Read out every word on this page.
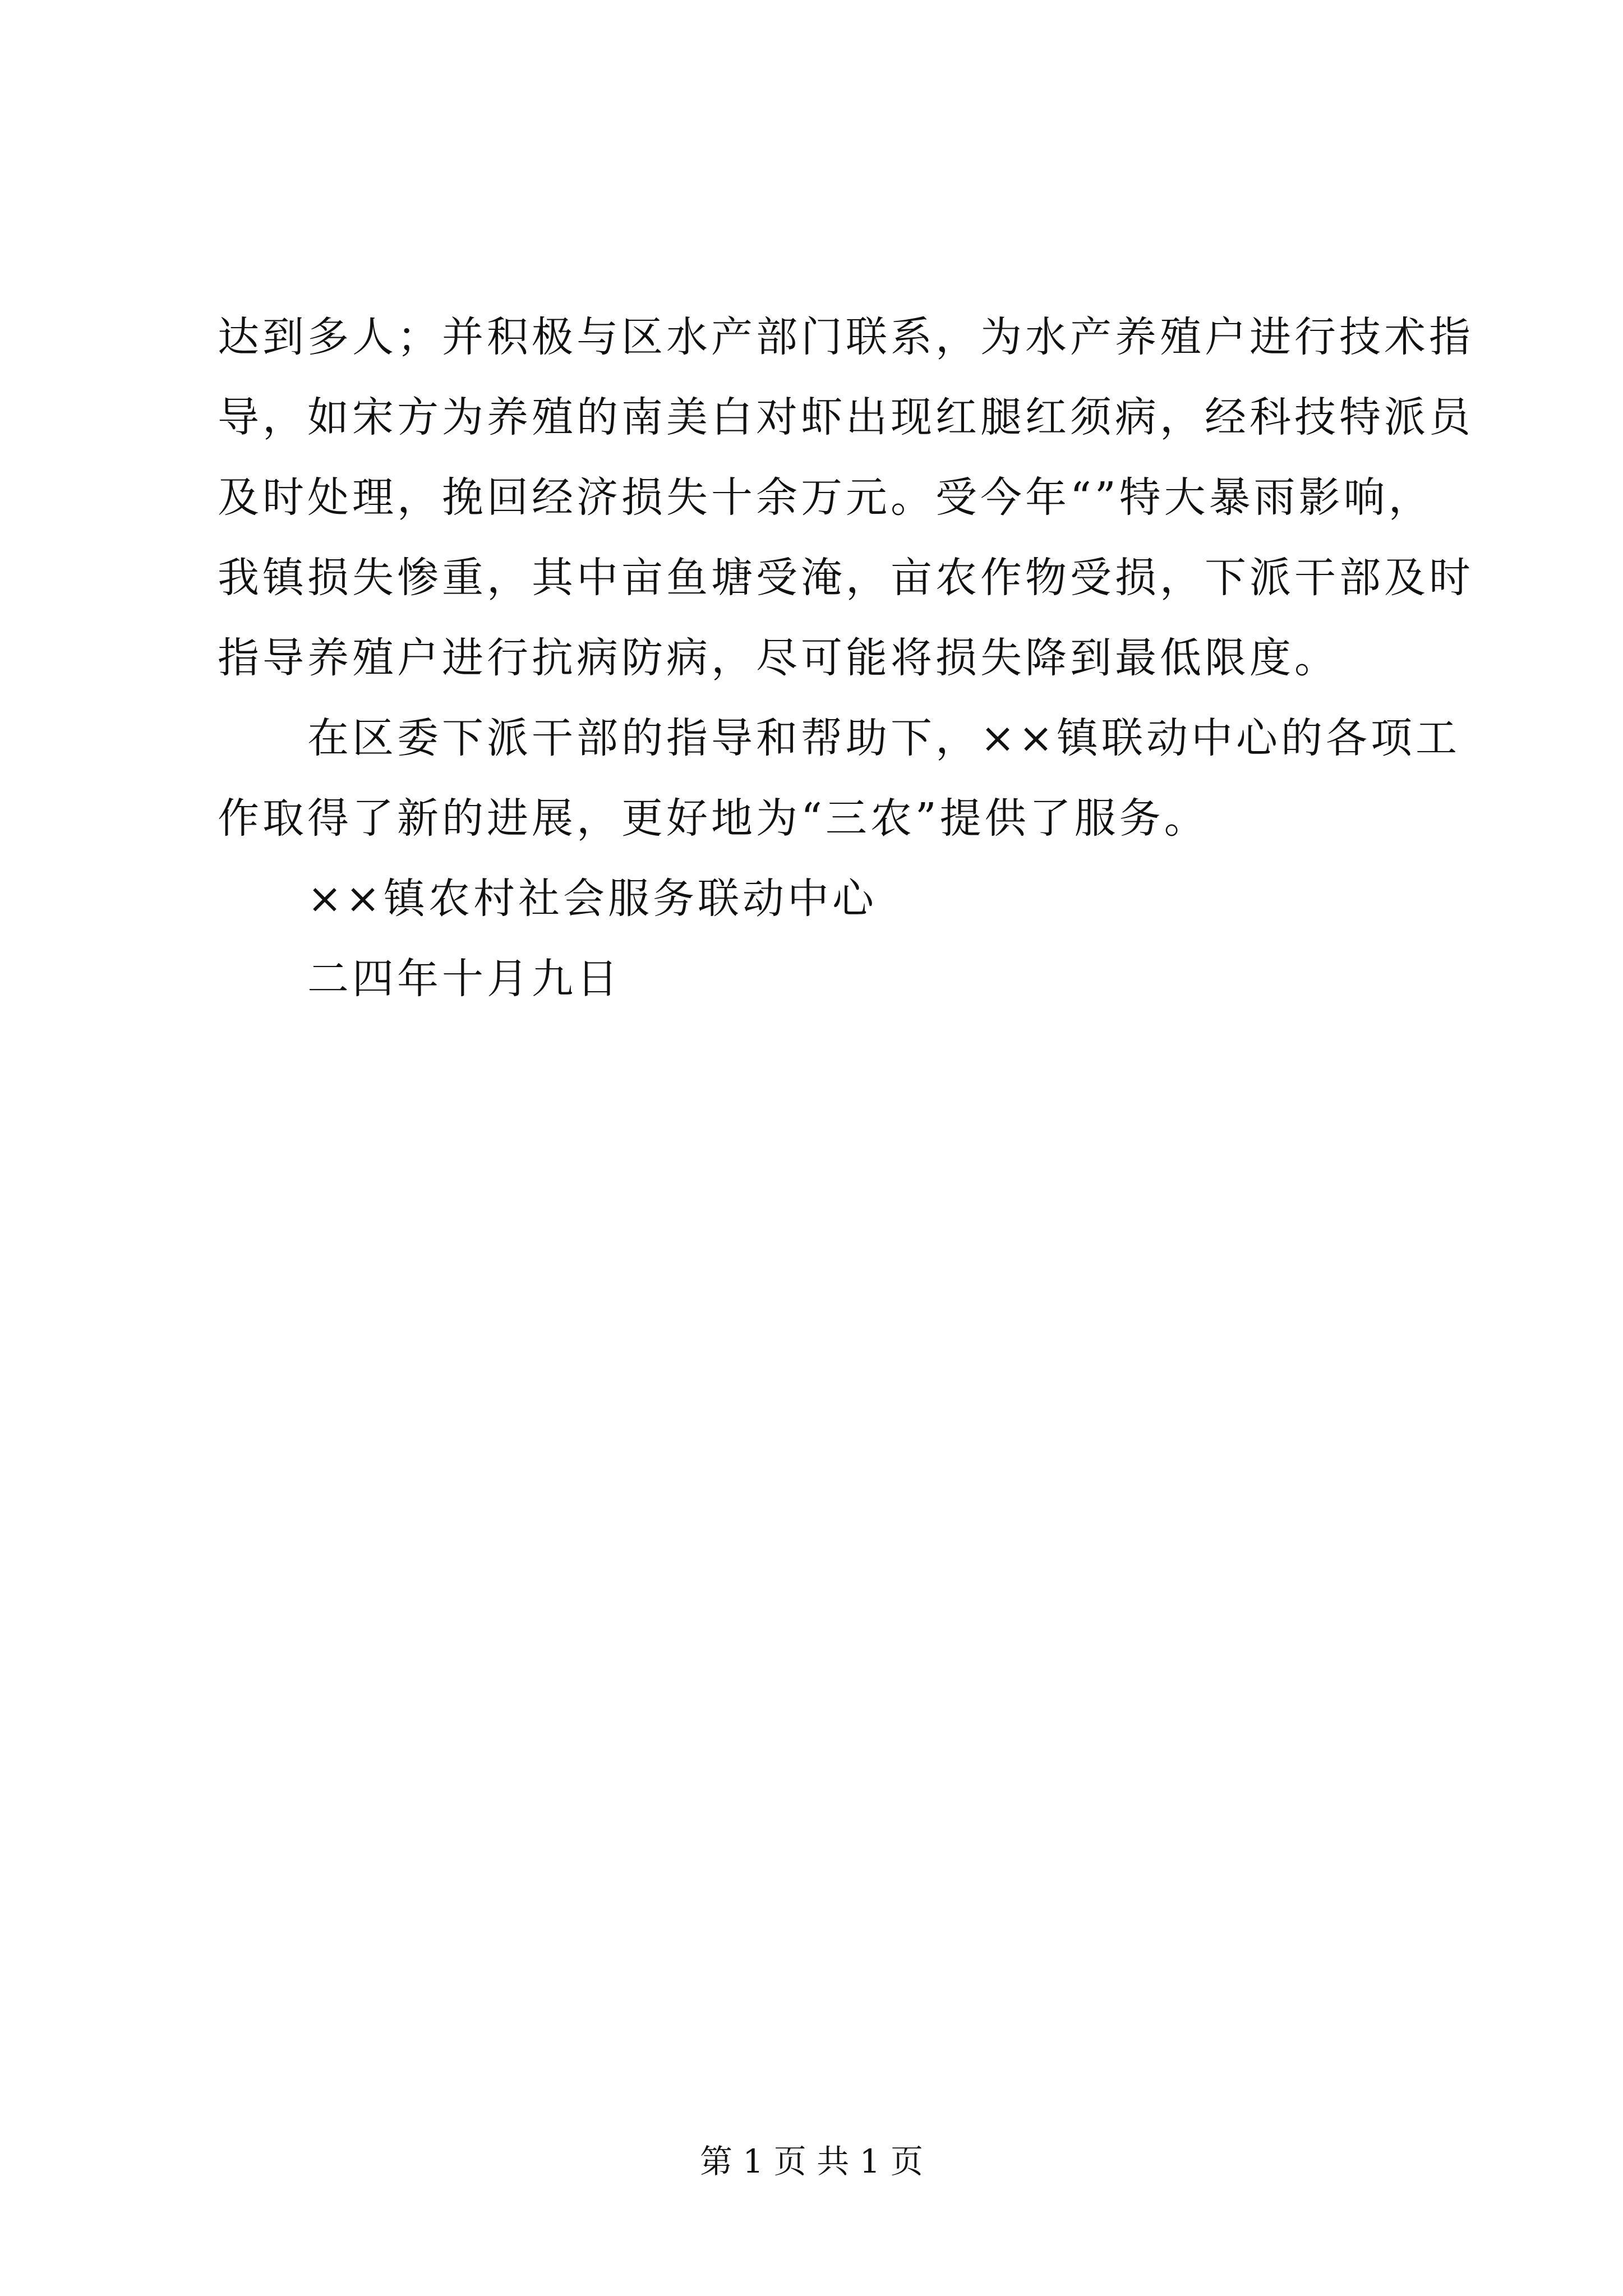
达到多人；并积极与区水产部门联系，为水产养殖户进行技术指
导，如宋方为养殖的南美白对虾出现红腿红须病，经科技特派员
及时处理，挽回经济损失十余万元。受今年“”特大暴雨影响，
我镇损失惨重，其中亩鱼塘受淹，亩农作物受损，下派干部及时
指导养殖户进行抗病防病，尽可能将损失降到最低限度。
在区委下派干部的指导和帮助下，××镇联动中心的各项工
作取得了新的进展，更好地为“三农”提供了服务。
××镇农村社会服务联动中心
二四年十月九日
第 1 页 共 1 页
